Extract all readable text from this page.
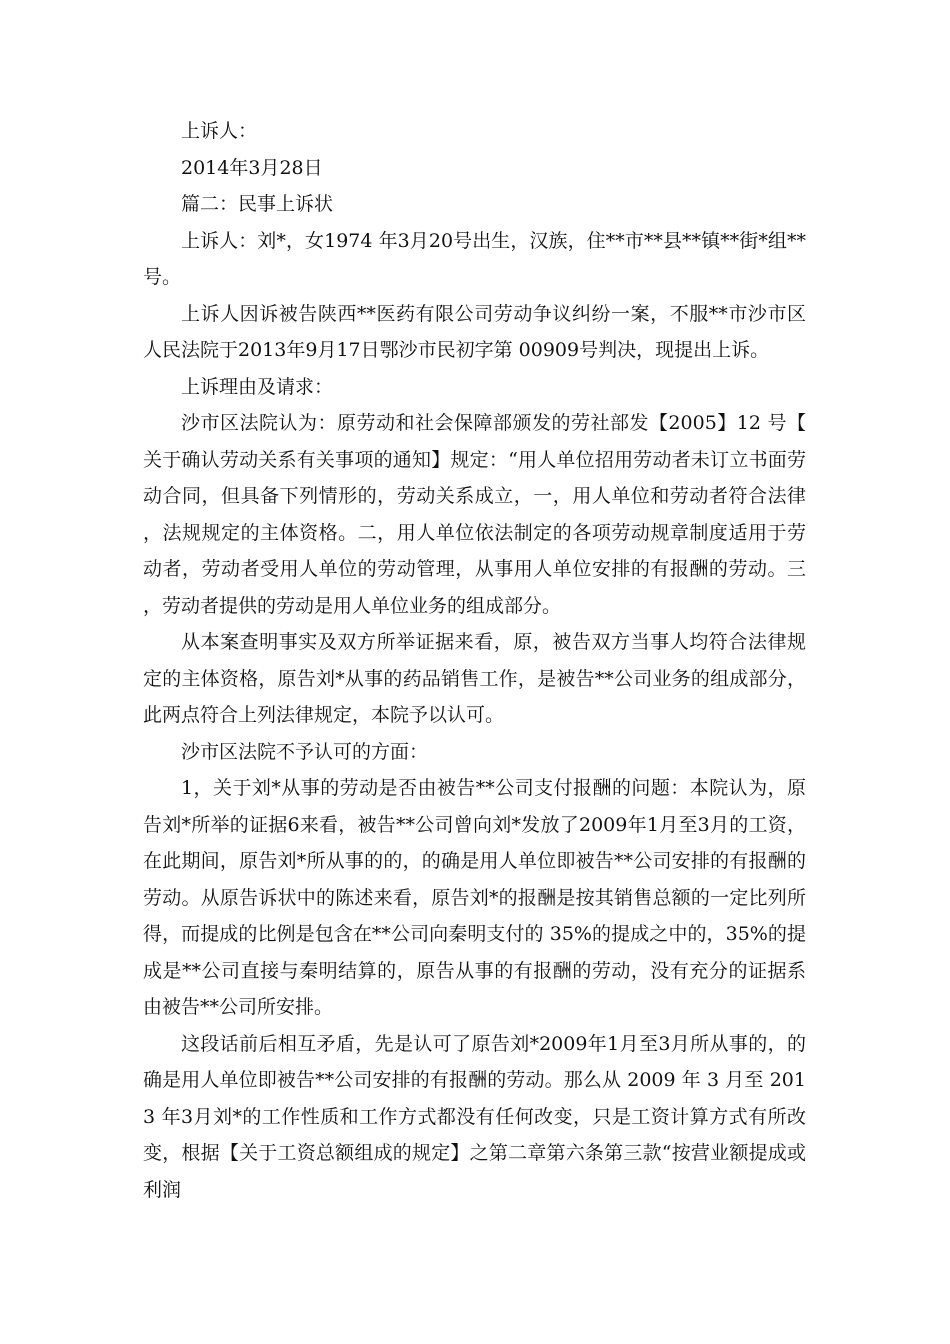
上诉人：

2014年3月28日

篇二：民事上诉状

上诉人：刘*，女1974 年3月20号出生，汉族，住**市**县**镇**街*组**号。

上诉人因诉被告陕西**医药有限公司劳动争议纠纷一案，不服**市沙市区人民法院于2013年9月17日鄂沙市民初字第 00909号判决，现提出上诉。

上诉理由及请求：

沙市区法院认为：原劳动和社会保障部颁发的劳社部发【2005】12 号【关于确认劳动关系有关事项的通知】规定：“用人单位招用劳动者未订立书面劳动合同，但具备下列情形的，劳动关系成立，一，用人单位和劳动者符合法律，法规规定的主体资格。二，用人单位依法制定的各项劳动规章制度适用于劳动者，劳动者受用人单位的劳动管理，从事用人单位安排的有报酬的劳动。三，劳动者提供的劳动是用人单位业务的组成部分。

从本案查明事实及双方所举证据来看，原，被告双方当事人均符合法律规定的主体资格，原告刘*从事的药品销售工作，是被告**公司业务的组成部分，此两点符合上列法律规定，本院予以认可。

沙市区法院不予认可的方面：

1，关于刘*从事的劳动是否由被告**公司支付报酬的问题：本院认为，原告刘*所举的证据6来看，被告**公司曾向刘*发放了2009年1月至3月的工资，在此期间，原告刘*所从事的的，的确是用人单位即被告**公司安排的有报酬的劳动。从原告诉状中的陈述来看，原告刘*的报酬是按其销售总额的一定比列所得，而提成的比例是包含在**公司向秦明支付的 35%的提成之中的，35%的提成是**公司直接与秦明结算的，原告从事的有报酬的劳动，没有充分的证据系由被告**公司所安排。

这段话前后相互矛盾，先是认可了原告刘*2009年1月至3月所从事的，的确是用人单位即被告**公司安排的有报酬的劳动。那么从 2009 年 3 月至 2013 年3月刘*的工作性质和工作方式都没有任何改变，只是工资计算方式有所改变，根据【关于工资总额组成的规定】之第二章第六条第三款“按营业额提成或利润
